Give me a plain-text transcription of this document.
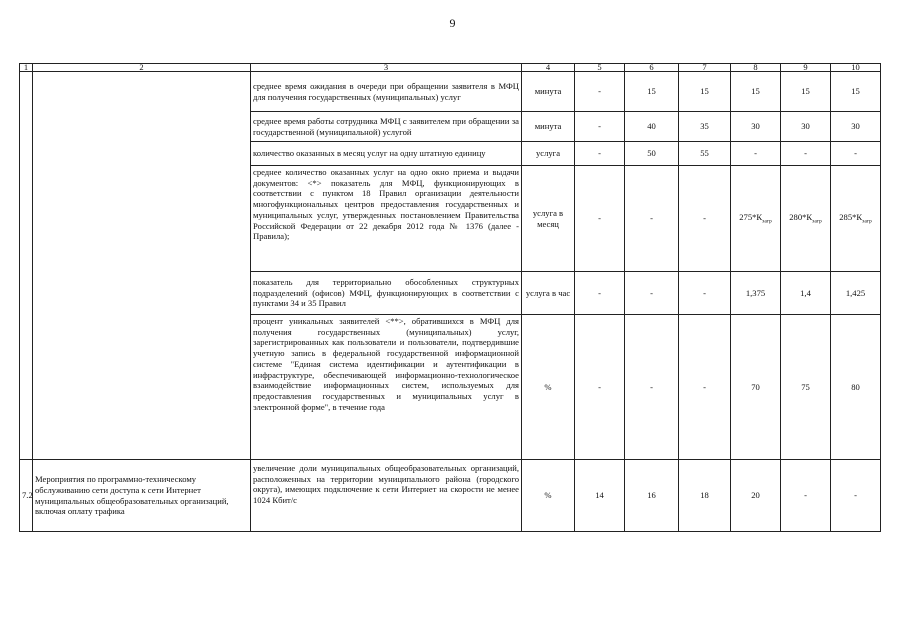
9
1	2	3	4	5	6	7	8	9	10
		среднее время ожидания в очереди при обращении заявителя в МФЦ для получения государственных (муниципальных) услуг	минута	-	15	15	15	15	15
		среднее время работы сотрудника МФЦ с заявителем при обращении за государственной (муниципальной) услугой	минута	-	40	35	30	30	30
		количество оказанных в месяц услуг на одну штатную единицу	услуга	-	50	55	-	-	-
		среднее количество оказанных услуг на одно окно приема и выдачи документов: <*> показатель для МФЦ, функционирующих в соответствии с пунктом 18 Правил организации деятельности многофункциональных центров предоставления государственных и муниципальных услуг, утвержденных постановлением Правительства Российской Федерации от 22 декабря 2012 года № 1376 (далее - Правила);	услуга в месяц	-	-	-	$275*К_{загр}$	$280*К_{загр}$	$285*К_{загр}$
		показатель для территориально обособленных структурных подразделений (офисов) МФЦ, функционирующих в соответствии с пунктами 34 и 35 Правил	услуга в час	-	-	-	1,375	1,4	1,425
		процент уникальных заявителей <**>, обратившихся в МФЦ для получения государственных (муниципальных) услуг, зарегистрированных как пользователи и пользователи, подтвердившие учетную запись в федеральной государственной информационной системе "Единая система идентификации и аутентификации в инфраструктуре, обеспечивающей информационно-технологическое взаимодействие информационных систем, используемых для предоставления государственных и муниципальных услуг в электронной форме", в течение года	%	-	-	-	70	75	80
7.2	Мероприятия по программно-техническому обслуживанию сети доступа к сети Интернет муниципальных общеобразовательных организаций, включая оплату трафика	увеличение доли муниципальных общеобразовательных организаций, расположенных на территории муниципального района (городского округа), имеющих подключение к сети Интернет на скорости не менее 1024 Кбит/с	%	14	16	18	20	-	-
